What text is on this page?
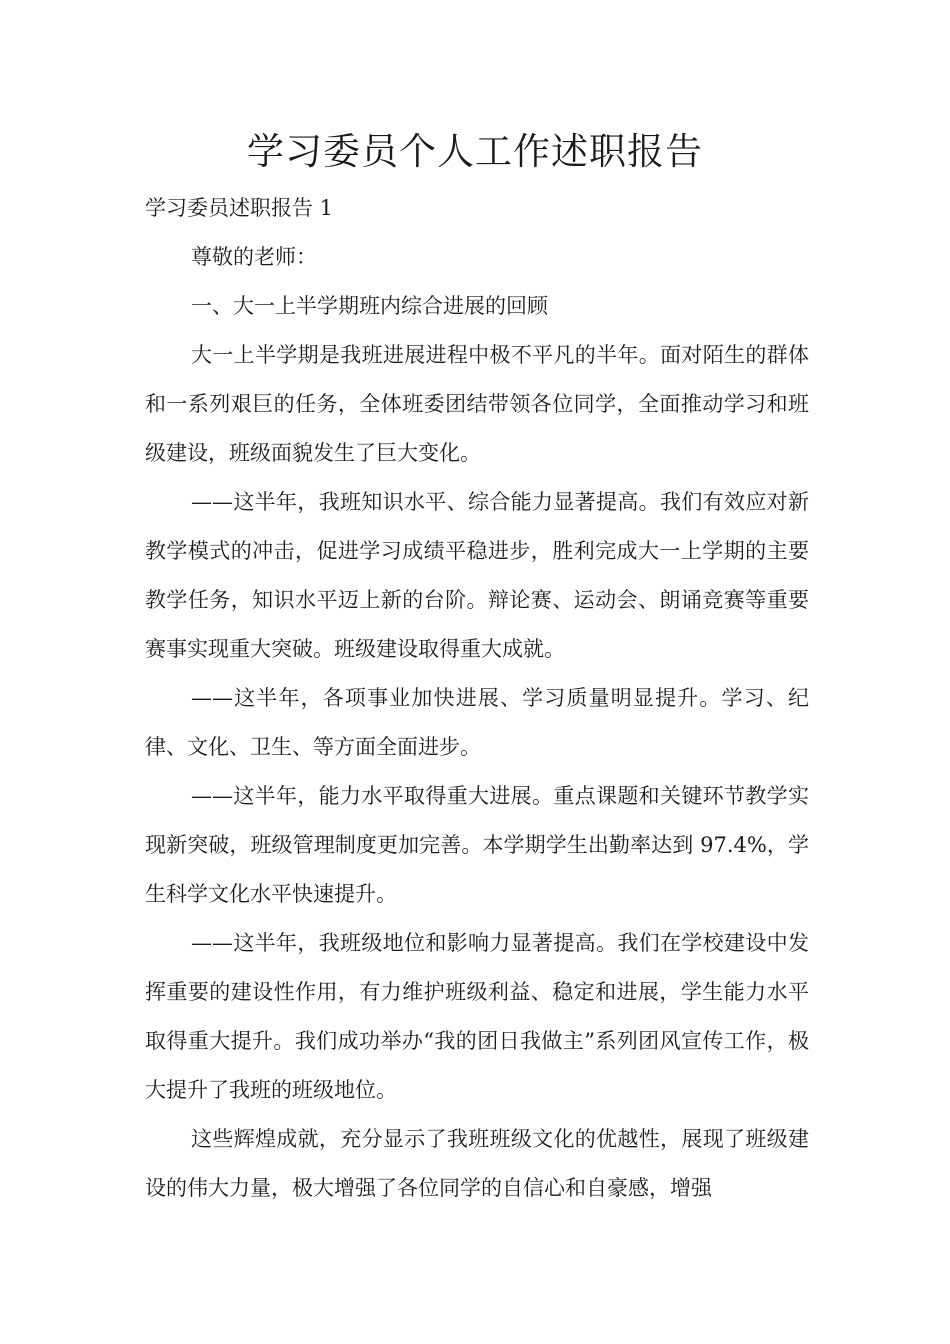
学习委员个人工作述职报告

学习委员述职报告 1

尊敬的老师：

一、大一上半学期班内综合进展的回顾

大一上半学期是我班进展进程中极不平凡的半年。面对陌生的群体和一系列艰巨的任务，全体班委团结带领各位同学，全面推动学习和班级建设，班级面貌发生了巨大变化。

——这半年，我班知识水平、综合能力显著提高。我们有效应对新教学模式的冲击，促进学习成绩平稳进步，胜利完成大一上学期的主要教学任务，知识水平迈上新的台阶。辩论赛、运动会、朗诵竞赛等重要赛事实现重大突破。班级建设取得重大成就。

——这半年，各项事业加快进展、学习质量明显提升。学习、纪律、文化、卫生、等方面全面进步。

——这半年，能力水平取得重大进展。重点课题和关键环节教学实现新突破，班级管理制度更加完善。本学期学生出勤率达到 97.4%，学生科学文化水平快速提升。

——这半年，我班级地位和影响力显著提高。我们在学校建设中发挥重要的建设性作用，有力维护班级利益、稳定和进展，学生能力水平取得重大提升。我们成功举办“我的团日我做主”系列团风宣传工作，极大提升了我班的班级地位。

这些辉煌成就，充分显示了我班班级文化的优越性，展现了班级建设的伟大力量，极大增强了各位同学的自信心和自豪感，增强
